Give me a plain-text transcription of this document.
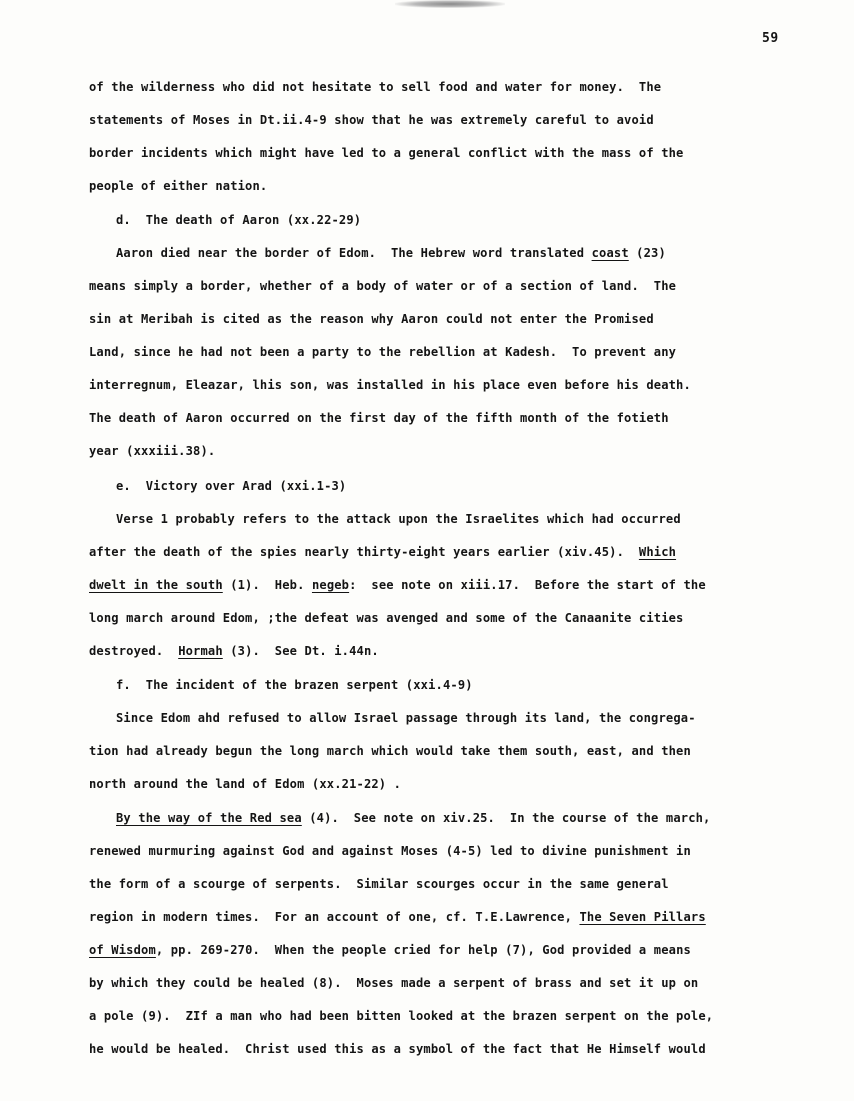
59
of the wilderness who did not hesitate to sell food and water for money.  The
statements of Moses in Dt.ii.4-9 show that he was extremely careful to avoid
border incidents which might have led to a general conflict with the mass of the
people of either nation.
d.  The death of Aaron (xx.22-29)
Aaron died near the border of Edom.  The Hebrew word translated coast (23)
means simply a border, whether of a body of water or of a section of land.  The
sin at Meribah is cited as the reason why Aaron could not enter the Promised
Land, since he had not been a party to the rebellion at Kadesh.  To prevent any
interregnum, Eleazar, lhis son, was installed in his place even before his death.
The death of Aaron occurred on the first day of the fifth month of the fotieth
year (xxxiii.38).
e.  Victory over Arad (xxi.1-3)
Verse 1 probably refers to the attack upon the Israelites which had occurred
after the death of the spies nearly thirty-eight years earlier (xiv.45).  Which
dwelt in the south (1).  Heb. negeb:  see note on xiii.17.  Before the start of the
long march around Edom, ;the defeat was avenged and some of the Canaanite cities
destroyed.  Hormah (3).  See Dt. i.44n.
f.  The incident of the brazen serpent (xxi.4-9)
Since Edom ahd refused to allow Israel passage through its land, the congrega-
tion had already begun the long march which would take them south, east, and then
north around the land of Edom (xx.21-22) .
By the way of the Red sea (4).  See note on xiv.25.  In the course of the march,
renewed murmuring against God and against Moses (4-5) led to divine punishment in
the form of a scourge of serpents.  Similar scourges occur in the same general
region in modern times.  For an account of one, cf. T.E.Lawrence, The Seven Pillars
of Wisdom, pp. 269-270.  When the people cried for help (7), God provided a means
by which they could be healed (8).  Moses made a serpent of brass and set it up on
a pole (9).  ZIf a man who had been bitten looked at the brazen serpent on the pole,
he would be healed.  Christ used this as a symbol of the fact that He Himself would
